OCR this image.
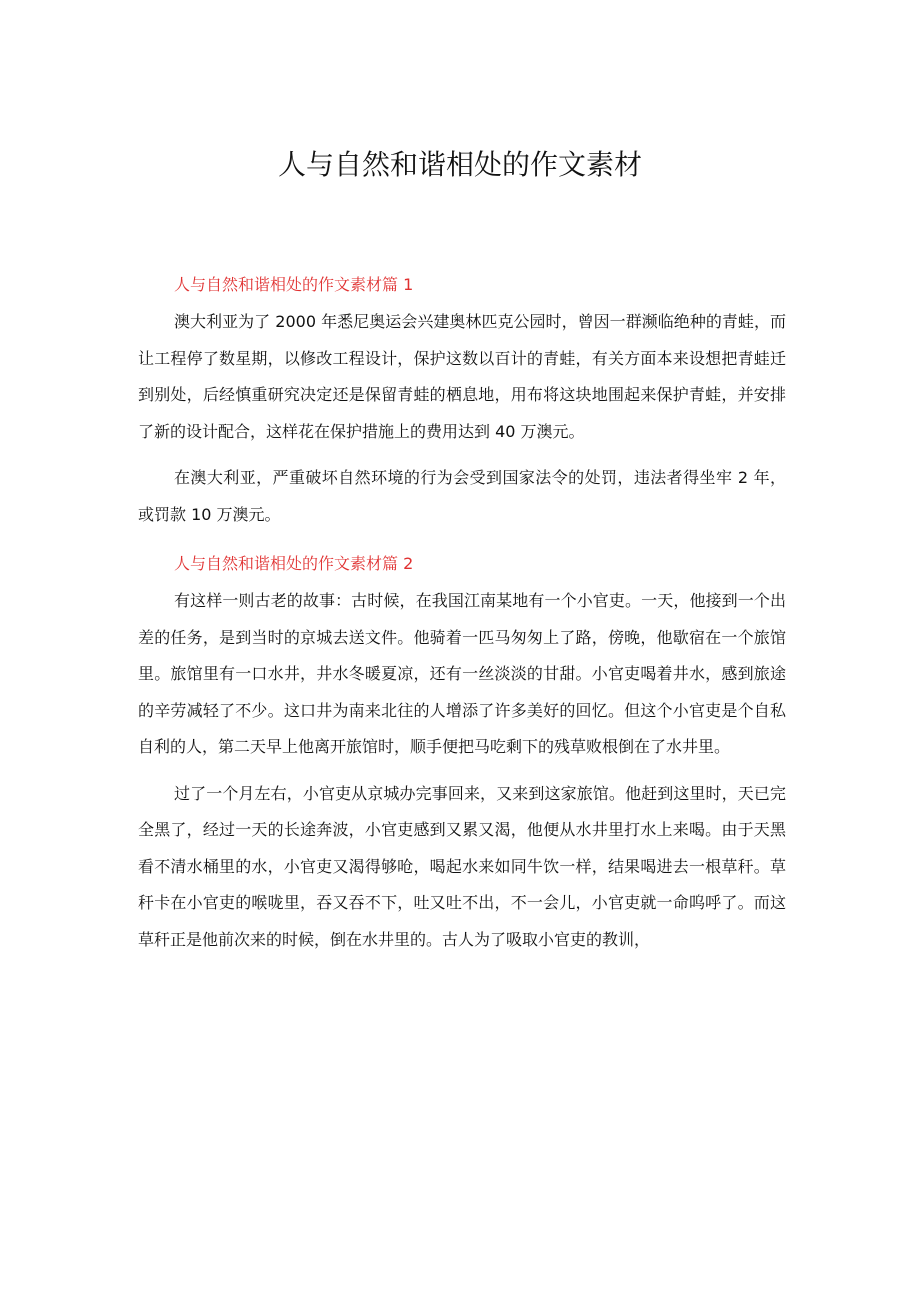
人与自然和谐相处的作文素材
人与自然和谐相处的作文素材篇 1

澳大利亚为了 2000 年悉尼奥运会兴建奥林匹克公园时，曾因一群濒临绝种的青蛙，而让工程停了数星期，以修改工程设计，保护这数以百计的青蛙，有关方面本来设想把青蛙迁到别处，后经慎重研究决定还是保留青蛙的栖息地，用布将这块地围起来保护青蛙，并安排了新的设计配合，这样花在保护措施上的费用达到 40 万澳元。

在澳大利亚，严重破坏自然环境的行为会受到国家法令的处罚，违法者得坐牢 2 年，或罚款 10 万澳元。

人与自然和谐相处的作文素材篇 2

有这样一则古老的故事：古时候，在我国江南某地有一个小官吏。一天，他接到一个出差的任务，是到当时的京城去送文件。他骑着一匹马匆匆上了路，傍晚，他歇宿在一个旅馆里。旅馆里有一口水井，井水冬暖夏凉，还有一丝淡淡的甘甜。小官吏喝着井水，感到旅途的辛劳减轻了不少。这口井为南来北往的人增添了许多美好的回忆。但这个小官吏是个自私自利的人，第二天早上他离开旅馆时，顺手便把马吃剩下的残草败根倒在了水井里。

过了一个月左右，小官吏从京城办完事回来，又来到这家旅馆。他赶到这里时，天已完全黑了，经过一天的长途奔波，小官吏感到又累又渴，他便从水井里打水上来喝。由于天黑看不清水桶里的水，小官吏又渴得够呛，喝起水来如同牛饮一样，结果喝进去一根草秆。草秆卡在小官吏的喉咙里，吞又吞不下，吐又吐不出，不一会儿，小官吏就一命呜呼了。而这草秆正是他前次来的时候，倒在水井里的。古人为了吸取小官吏的教训，
